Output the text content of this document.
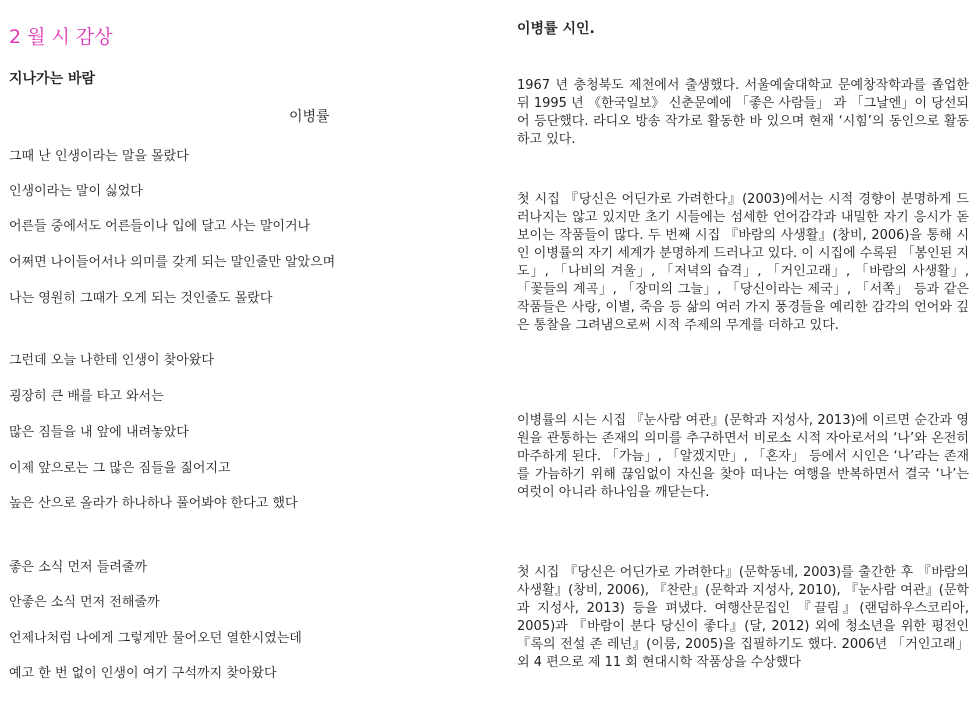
2 월 시 감상
지나가는 바람
이병률
그때 난 인생이라는 말을 몰랐다
인생이라는 말이 싫었다
어른들 중에서도 어른들이나 입에 달고 사는 말이거나
어쩌면 나이들어서나 의미를 갖게 되는 말인줄만 알았으며
나는 영원히 그때가 오게 되는 것인줄도 몰랐다
그런데 오늘 나한테 인생이 찾아왔다
굉장히 큰 배를 타고 와서는
많은 짐들을 내 앞에 내려놓았다
이제 앞으로는 그 많은 짐들을 짊어지고
높은 산으로 올라가 하나하나 풀어봐야 한다고 했다
좋은 소식 먼저 들려줄까
안좋은 소식 먼저 전해줄까
언제나처럼 나에게 그렇게만 물어오던 열한시였는데
예고 한 번 없이 인생이 여기 구석까지 찾아왔다
이병률 시인.

1967 년 충청북도 제천에서 출생했다. 서울예술대학교 문예창작학과를 졸업한 뒤 1995 년 《한국일보》 신춘문예에 「좋은 사람들」 과 「그날엔」이 당선되어 등단했다. 라디오 방송 작가로 활동한 바 있으며 현재 ‘시힘’의 동인으로 활동하고 있다.

첫 시집 『당신은 어딘가로 가려한다』(2003)에서는 시적 경향이 분명하게 드러나지는 않고 있지만 초기 시들에는 섬세한 언어감각과 내밀한 자기 응시가 돋보이는 작품들이 많다. 두 번째 시집 『바람의 사생활』(창비, 2006)을 통해 시인 이병률의 자기 세계가 분명하게 드러나고 있다. 이 시집에 수록된 「봉인된 지도」, 「나비의 겨울」, 「저녁의 습격」, 「거인고래」, 「바람의 사생활」, 「꽃들의 계곡」, 「장미의 그늘」, 「당신이라는 제국」, 「서쪽」 등과 같은 작품들은 사랑, 이별, 죽음 등 삶의 여러 가지 풍경들을 예리한 감각의 언어와 깊은 통찰을 그려냄으로써 시적 주제의 무게를 더하고 있다.

이병률의 시는 시집 『눈사람 여관』(문학과 지성사, 2013)에 이르면 순간과 영원을 관통하는 존재의 의미를 추구하면서 비로소 시적 자아로서의 ‘나’와 온전히 마주하게 된다. 「가늠」, 「알겠지만」, 「혼자」 등에서 시인은 ‘나’라는 존재를 가늠하기 위해 끊임없이 자신을 찾아 떠나는 여행을 반복하면서 결국 ‘나’는 여럿이 아니라 하나임을 깨닫는다.

첫 시집 『당신은 어딘가로 가려한다』(문학동네, 2003)를 출간한 후 『바람의 사생활』(창비, 2006), 『찬란』(문학과 지성사, 2010), 『눈사람 여관』(문학과 지성사, 2013) 등을 펴냈다. 여행산문집인 『끌림』(랜덤하우스코리아, 2005)과 『바람이 분다 당신이 좋다』(달, 2012) 외에 청소년을 위한 평전인 『록의 전설 존 레넌』(이룸, 2005)을 집필하기도 했다. 2006년 「거인고래」외 4 편으로 제 11 회 현대시학 작품상을 수상했다
